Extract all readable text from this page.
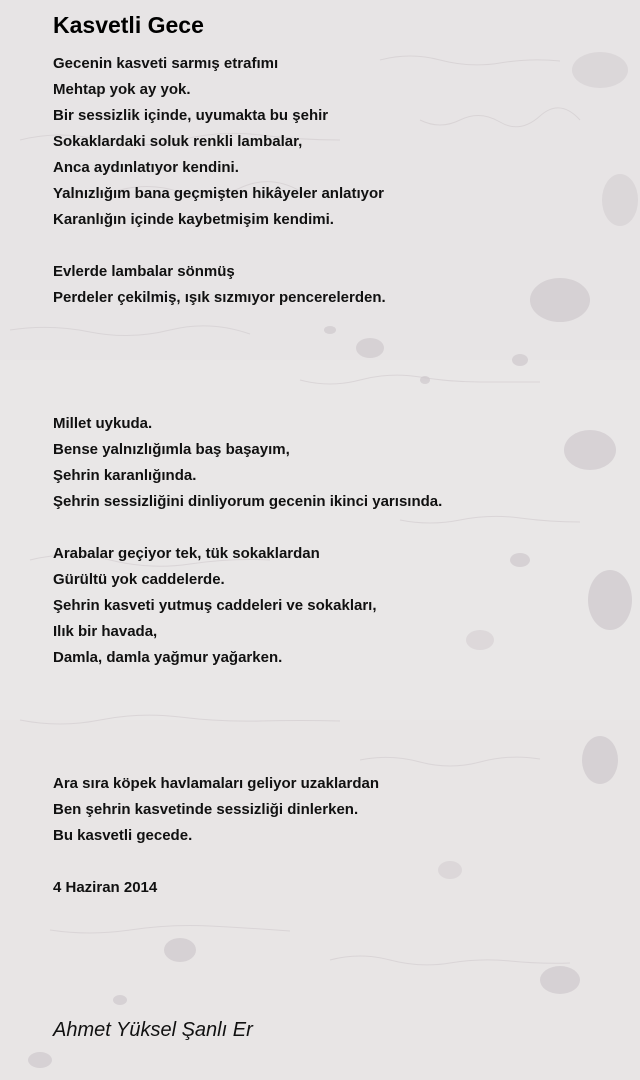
Kasvetli Gece
Gecenin kasveti sarmış etrafımı
Mehtap yok ay yok.
Bir sessizlik içinde, uyumakta bu şehir
Sokaklardaki soluk renkli lambalar,
Anca aydınlatıyor kendini.
Yalnızlığım bana geçmişten hikâyeler anlatıyor
Karanlığın içinde kaybetmişim kendimi.
Evlerde lambalar sönmüş
Perdeler çekilmiş, ışık sızmıyor pencerelerden.
Millet uykuda.
Bense yalnızlığımla baş başayım,
Şehrin karanlığında.
Şehrin sessizliğini dinliyorum gecenin ikinci yarısında.
Arabalar geçiyor tek, tük sokaklardan
Gürültü yok caddelerde.
Şehrin kasveti yutmuş caddeleri ve sokakları,
Ilık bir havada,
Damla, damla yağmur yağarken.
Ara sıra köpek havlamaları geliyor uzaklardan
Ben şehrin kasvetinde sessizliği dinlerken.
Bu kasvetli gecede.
4 Haziran 2014
Ahmet Yüksel Şanlı Er
